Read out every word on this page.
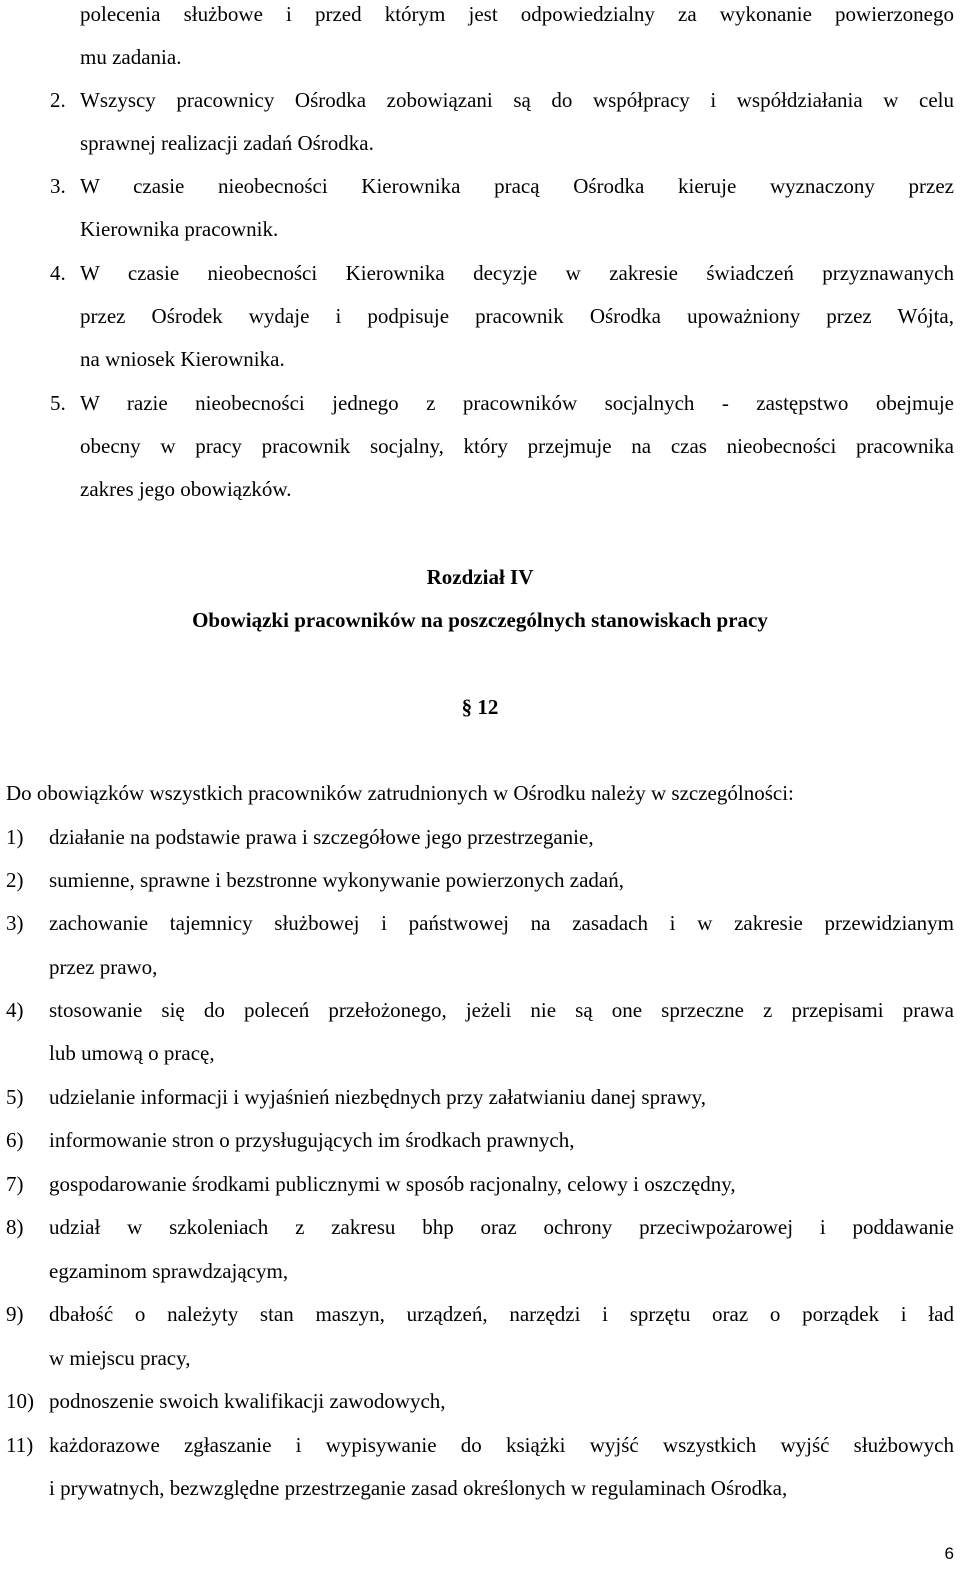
polecenia służbowe i przed którym jest odpowiedzialny za wykonanie powierzonego
mu zadania.
2. Wszyscy pracownicy Ośrodka zobowiązani są do współpracy i współdziałania w celu
sprawnej realizacji zadań Ośrodka.
3. W czasie nieobecności Kierownika pracą Ośrodka kieruje wyznaczony przez
Kierownika pracownik.
4. W czasie nieobecności Kierownika decyzje w zakresie świadczeń przyznawanych
przez Ośrodek wydaje i podpisuje pracownik Ośrodka upoważniony przez Wójta,
na wniosek Kierownika.
5. W razie nieobecności jednego z pracowników socjalnych - zastępstwo obejmuje
obecny w pracy pracownik socjalny, który przejmuje na czas nieobecności pracownika
zakres jego obowiązków.
Rozdział IV
Obowiązki pracowników na poszczególnych stanowiskach pracy
§ 12
Do obowiązków wszystkich pracowników zatrudnionych w Ośrodku należy w szczególności:
1) działanie na podstawie prawa i szczegółowe jego przestrzeganie,
2) sumienne, sprawne i bezstronne wykonywanie powierzonych zadań,
3) zachowanie tajemnicy służbowej i państwowej na zasadach i w zakresie przewidzianym
przez prawo,
4) stosowanie się do poleceń przełożonego, jeżeli nie są one sprzeczne z przepisami prawa
lub umową o pracę,
5) udzielanie informacji i wyjaśnień niezbędnych przy załatwianiu danej sprawy,
6) informowanie stron o przysługujących im środkach prawnych,
7) gospodarowanie środkami publicznymi w sposób racjonalny, celowy i oszczędny,
8) udział w szkoleniach z zakresu bhp oraz ochrony przeciwpożarowej i poddawanie
egzaminom sprawdzającym,
9) dbałość o należyty stan maszyn, urządzeń, narzędzi i sprzętu oraz o porządek i ład
w miejscu pracy,
10) podnoszenie swoich kwalifikacji zawodowych,
11) każdorazowe zgłaszanie i wypisywanie do książki wyjść wszystkich wyjść służbowych
i prywatnych, bezwzględne przestrzeganie zasad określonych w regulaminach Ośrodka,
6
